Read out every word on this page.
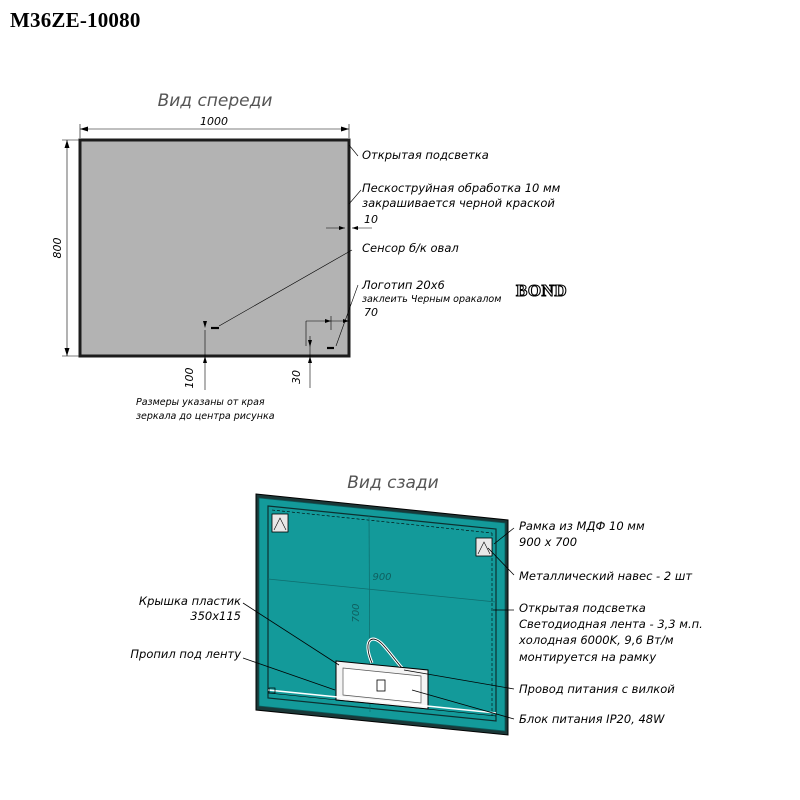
M36ZE-10080
Вид спереди
1000
800
100	30
Открытая подсветка
Пескоструйная обработка 10 мм
закрашивается черной краской
10
Сенсор б/к овал
Логотип 20х6
заклеить Черным оракалом
70
BOND
Размеры указаны от края
зеркала до центра рисунка
Вид сзади
900
700
Крышка пластик
350х115
Пропил под ленту
Рамка из МДФ 10 мм
900 х 700
Металлический навес - 2 шт
Открытая подсветка
Светодиодная лента - 3,3 м.п.
холодная 6000K, 9,6 Вт/м
монтируется на рамку
Провод питания с вилкой
Блок питания IP20, 48W
